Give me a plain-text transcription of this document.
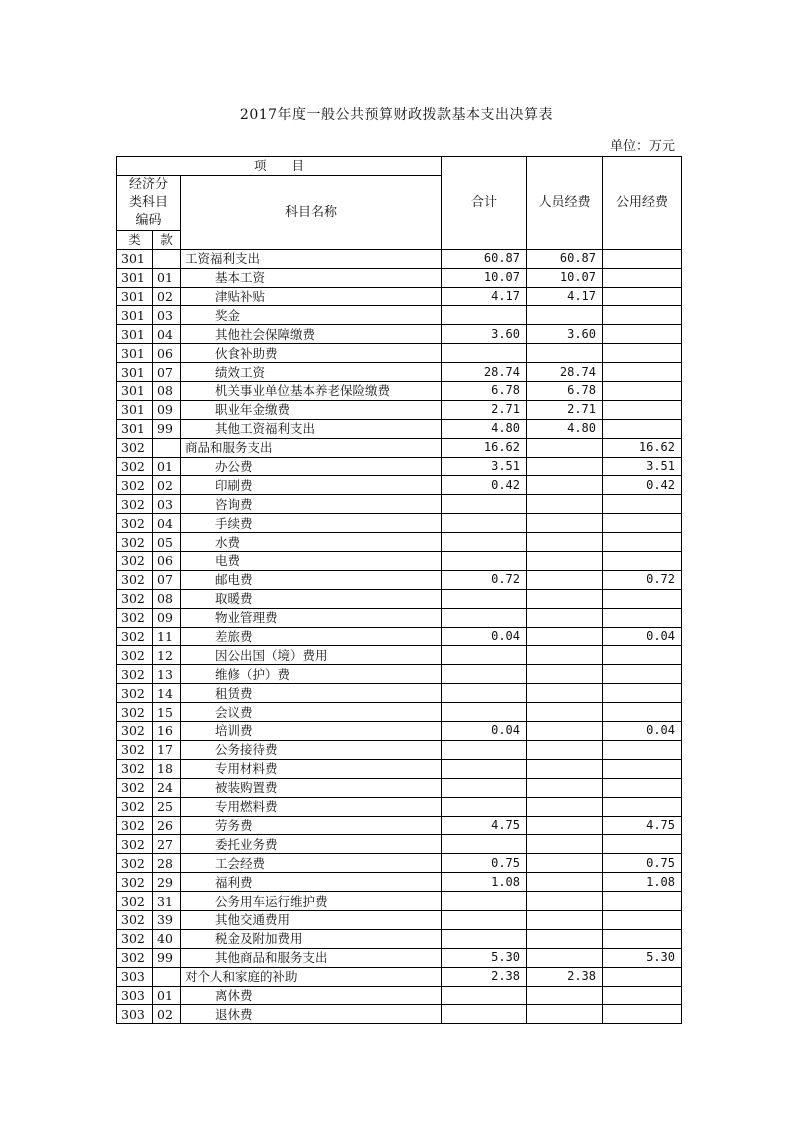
2017年度一般公共预算财政拨款基本支出决算表
单位：万元
项　　目			合计	人员经费	公用经费
经济分类科目编码		科目名称			

类	款				
301		工资福利支出	60.87	60.87	
301	01	基本工资	10.07	10.07	
301	02	津贴补贴	4.17	4.17	
301	03	奖金			
301	04	其他社会保障缴费	3.60	3.60	
301	06	伙食补助费			
301	07	绩效工资	28.74	28.74	
301	08	机关事业单位基本养老保险缴费	6.78	6.78	
301	09	职业年金缴费	2.71	2.71	
301	99	其他工资福利支出	4.80	4.80	
302		商品和服务支出	16.62		16.62
302	01	办公费	3.51		3.51
302	02	印刷费	0.42		0.42
302	03	咨询费			
302	04	手续费			
302	05	水费			
302	06	电费			
302	07	邮电费	0.72		0.72
302	08	取暖费			
302	09	物业管理费			
302	11	差旅费	0.04		0.04
302	12	因公出国（境）费用			
302	13	维修（护）费			
302	14	租赁费			
302	15	会议费			
302	16	培训费	0.04		0.04
302	17	公务接待费			
302	18	专用材料费			
302	24	被装购置费			
302	25	专用燃料费			
302	26	劳务费	4.75		4.75
302	27	委托业务费			
302	28	工会经费	0.75		0.75
302	29	福利费	1.08		1.08
302	31	公务用车运行维护费			
302	39	其他交通费用			
302	40	税金及附加费用			
302	99	其他商品和服务支出	5.30		5.30
303		对个人和家庭的补助	2.38	2.38	
303	01	离休费			
303	02	退休费			
